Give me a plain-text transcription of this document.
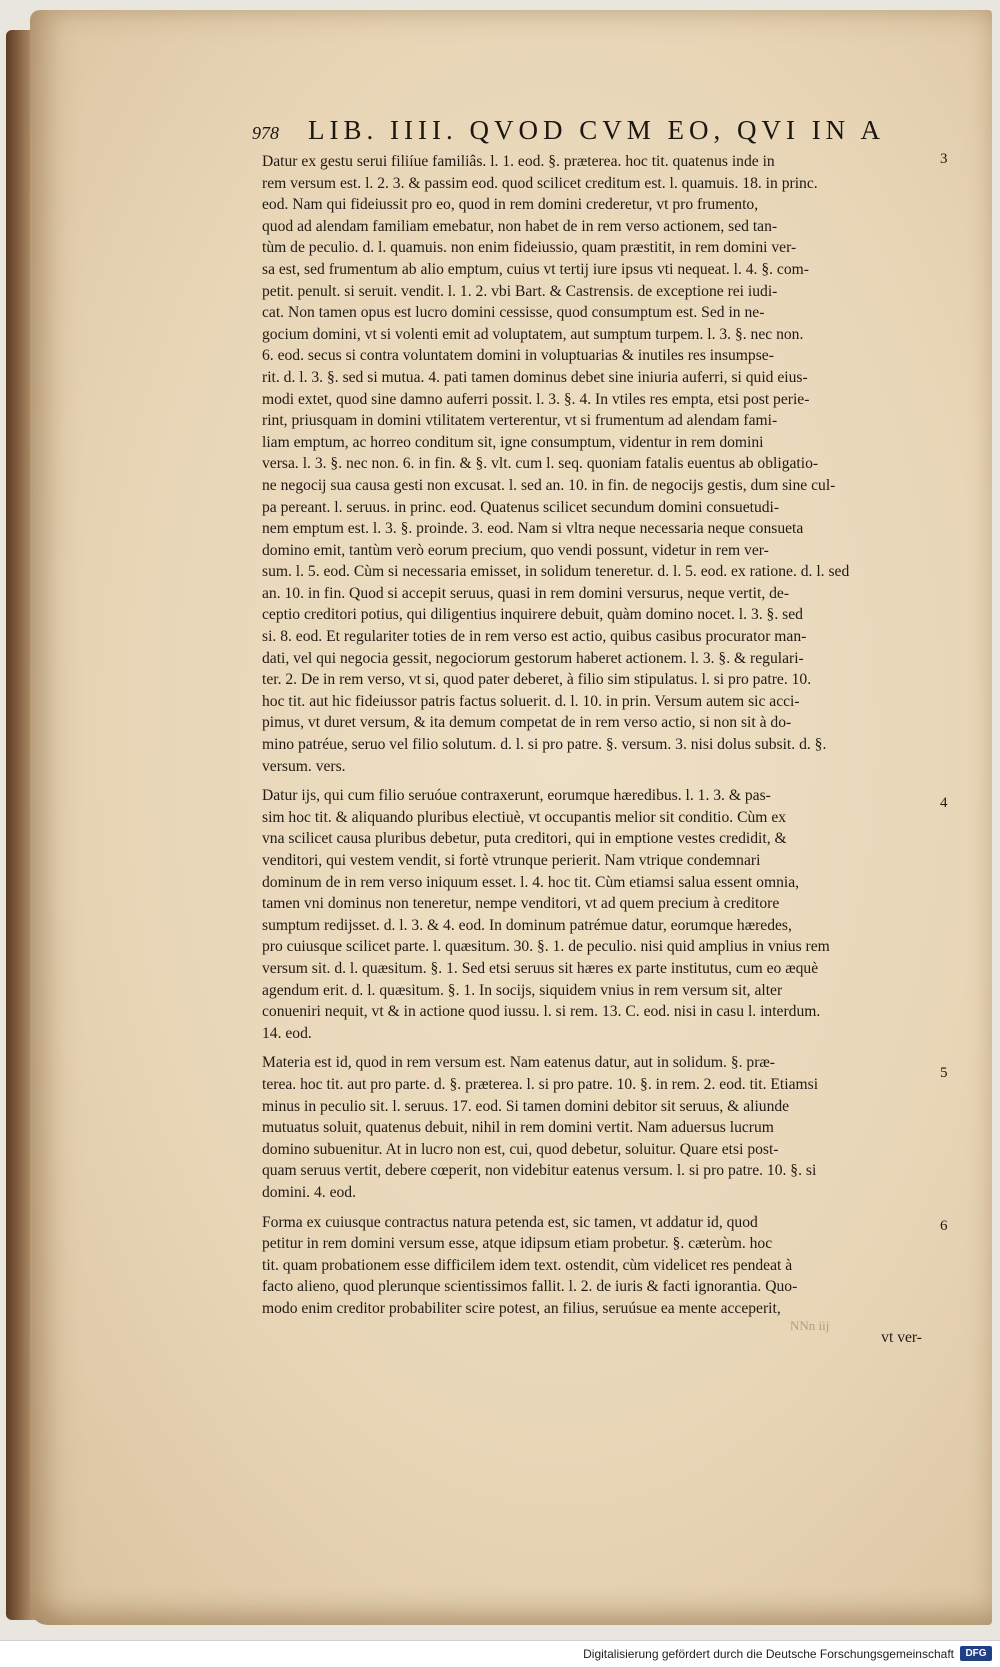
978 LIB. IIII. QVOD CVM EO, QVI IN A
Datur ex gestu serui filiíue familiâs. l. 1. eod. §. præterea. hoc tit. quatenus inde in
rem versum est. l. 2. 3. & passim eod. quod scilicet creditum est. l. quamuis. 18. in princ.
eod. Nam qui fideiussit pro eo, quod in rem domini crederetur, vt pro frumento,
quod ad alendam familiam emebatur, non habet de in rem verso actionem, sed tan-
tùm de peculio. d. l. quamuis. non enim fideiussio, quam præstitit, in rem domini ver-
sa est, sed frumentum ab alio emptum, cuius vt tertij iure ipsus vti nequeat. l. 4. §. com-
petit. penult. si seruit. vendit. l. 1. 2. vbi Bart. & Castrensis. de exceptione rei iudi-
cat. Non tamen opus est lucro domini cessisse, quod consumptum est. Sed in ne-
gocium domini, vt si volenti emit ad voluptatem, aut sumptum turpem. l. 3. §. nec non.
6. eod. secus si contra voluntatem domini in voluptuarias & inutiles res insumpse-
rit. d. l. 3. §. sed si mutua. 4. pati tamen dominus debet sine iniuria auferri, si quid eius-
modi extet, quod sine damno auferri possit. l. 3. §. 4. In vtiles res empta, etsi post perie-
rint, priusquam in domini vtilitatem verterentur, vt si frumentum ad alendam fami-
liam emptum, ac horreo conditum sit, igne consumptum, videntur in rem domini
versa. l. 3. §. nec non. 6. in fin. & §. vlt. cum l. seq. quoniam fatalis euentus ab obligatio-
ne negocij sua causa gesti non excusat. l. sed an. 10. in fin. de negocijs gestis, dum sine cul-
pa pereant. l. seruus. in princ. eod. Quatenus scilicet secundum domini consuetudi-
nem emptum est. l. 3. §. proinde. 3. eod. Nam si vltra neque necessaria neque consueta
domino emit, tantùm verò eorum precium, quo vendi possunt, videtur in rem ver-
sum. l. 5. eod. Cùm si necessaria emisset, in solidum teneretur. d. l. 5. eod. ex ratione. d. l. sed
an. 10. in fin. Quod si accepit seruus, quasi in rem domini versurus, neque vertit, de-
ceptio creditori potius, qui diligentius inquirere debuit, quàm domino nocet. l. 3. §. sed
si. 8. eod. Et regulariter toties de in rem verso est actio, quibus casibus procurator man-
dati, vel qui negocia gessit, negociorum gestorum haberet actionem. l. 3. §. & regulari-
ter. 2. De in rem verso, vt si, quod pater deberet, à filio sim stipulatus. l. si pro patre. 10.
hoc tit. aut hic fideiussor patris factus soluerit. d. l. 10. in prin. Versum autem sic acci-
pimus, vt duret versum, & ita demum competat de in rem verso actio, si non sit à do-
mino patréue, seruo vel filio solutum. d. l. si pro patre. §. versum. 3. nisi dolus subsit. d. §.
versum. vers.
Datur ijs, qui cum filio seruóue contraxerunt, eorumque hæredibus. l. 1. 3. & pas-
sim hoc tit. & aliquando pluribus electiuè, vt occupantis melior sit conditio. Cùm ex
vna scilicet causa pluribus debetur, puta creditori, qui in emptione vestes credidit, &
venditori, qui vestem vendit, si fortè vtrunque perierit. Nam vtrique condemnari
dominum de in rem verso iniquum esset. l. 4. hoc tit. Cùm etiamsi salua essent omnia,
tamen vni dominus non teneretur, nempe venditori, vt ad quem precium à creditore
sumptum redijsset. d. l. 3. & 4. eod. In dominum patrémue datur, eorumque hæredes,
pro cuiusque scilicet parte. l. quæsitum. 30. §. 1. de peculio. nisi quid amplius in vnius rem
versum sit. d. l. quæsitum. §. 1. Sed etsi seruus sit hæres ex parte institutus, cum eo æquè
agendum erit. d. l. quæsitum. §. 1. In socijs, siquidem vnius in rem versum sit, alter
conueniri nequit, vt & in actione quod iussu. l. si rem. 13. C. eod. nisi in casu l. interdum.
14. eod.
Materia est id, quod in rem versum est. Nam eatenus datur, aut in solidum. §. præ-
terea. hoc tit. aut pro parte. d. §. præterea. l. si pro patre. 10. §. in rem. 2. eod. tit. Etiamsi
minus in peculio sit. l. seruus. 17. eod. Si tamen domini debitor sit seruus, & aliunde
mutuatus soluit, quatenus debuit, nihil in rem domini vertit. Nam aduersus lucrum
domino subuenitur. At in lucro non est, cui, quod debetur, soluitur. Quare etsi post-
quam seruus vertit, debere cœperit, non videbitur eatenus versum. l. si pro patre. 10. §. si
domini. 4. eod.
Forma ex cuiusque contractus natura petenda est, sic tamen, vt addatur id, quod
petitur in rem domini versum esse, atque idipsum etiam probetur. §. cæterùm. hoc
tit. quam probationem esse difficilem idem text. ostendit, cùm videlicet res pendeat à
facto alieno, quod plerunque scientissimos fallit. l. 2. de iuris & facti ignorantia. Quo-
modo enim creditor probabiliter scire potest, an filius, seruúsue ea mente acceperit,
vt ver-
3
4
5
6
NNn iij
Digitalisierung gefördert durch die Deutsche Forschungsgemeinschaft	DFG
